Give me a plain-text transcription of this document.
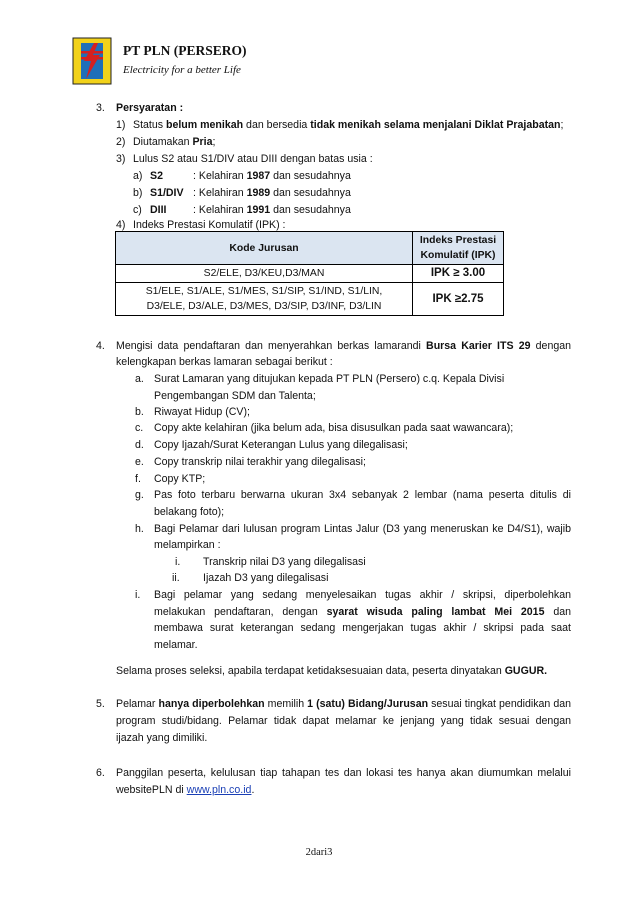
PT PLN (PERSERO)
Electricity for a better Life
3. Persyaratan :
1) Status belum menikah dan bersedia tidak menikah selama menjalani Diklat Prajabatan;
2) Diutamakan Pria;
3) Lulus S2 atau S1/DIV atau DIII dengan batas usia :
a) S2	: Kelahiran 1987 dan sesudahnya
b) S1/DIV : Kelahiran 1989 dan sesudahnya
c) DIII	: Kelahiran 1991 dan sesudahnya
4) Indeks Prestasi Komulatif (IPK) :
Kode Jurusan	Indeks Prestasi
Komulatif (IPK)

S2/ELE, D3/KEU,D3/MAN	IPK ≥ 3.00

S1/ELE, S1/ALE, S1/MES, S1/SIP, S1/IND, S1/LIN,
D3/ELE, D3/ALE, D3/MES, D3/SIP, D3/INF, D3/LIN	IPK ≥2.75
4. Mengisi data pendaftaran dan menyerahkan berkas lamarandi Bursa Karier ITS 29 dengan
kelengkapan berkas lamaran sebagai berikut :
a. Surat Lamaran yang ditujukan kepada PT PLN (Persero) c.q. Kepala Divisi
Pengembangan SDM dan Talenta;
b. Riwayat Hidup (CV);
c. Copy akte kelahiran (jika belum ada, bisa disusulkan pada saat wawancara);
d. Copy Ijazah/Surat Keterangan Lulus yang dilegalisasi;
e. Copy transkrip nilai terakhir yang dilegalisasi;
f. Copy KTP;
g. Pas foto terbaru berwarna ukuran 3x4 sebanyak 2 lembar (nama peserta ditulis di
belakang foto);
h. Bagi Pelamar dari lulusan program Lintas Jalur (D3 yang meneruskan ke D4/S1), wajib
melampirkan :
i. Transkrip nilai D3 yang dilegalisasi
ii. Ijazah D3 yang dilegalisasi
i. Bagi pelamar yang sedang menyelesaikan tugas akhir / skripsi, diperbolehkan
melakukan pendaftaran, dengan syarat wisuda paling lambat Mei 2015 dan
membawa surat keterangan sedang mengerjakan tugas akhir / skripsi pada saat
melamar.
Selama proses seleksi, apabila terdapat ketidaksesuaian data, peserta dinyatakan GUGUR.
5. Pelamar hanya diperbolehkan memilih 1 (satu) Bidang/Jurusan sesuai tingkat pendidikan dan
program studi/bidang. Pelamar tidak dapat melamar ke jenjang yang tidak sesuai dengan
ijazah yang dimiliki.
6. Panggilan peserta, kelulusan tiap tahapan tes dan lokasi tes hanya akan diumumkan melalui
websitePLN di www.pln.co.id.
2dari3
